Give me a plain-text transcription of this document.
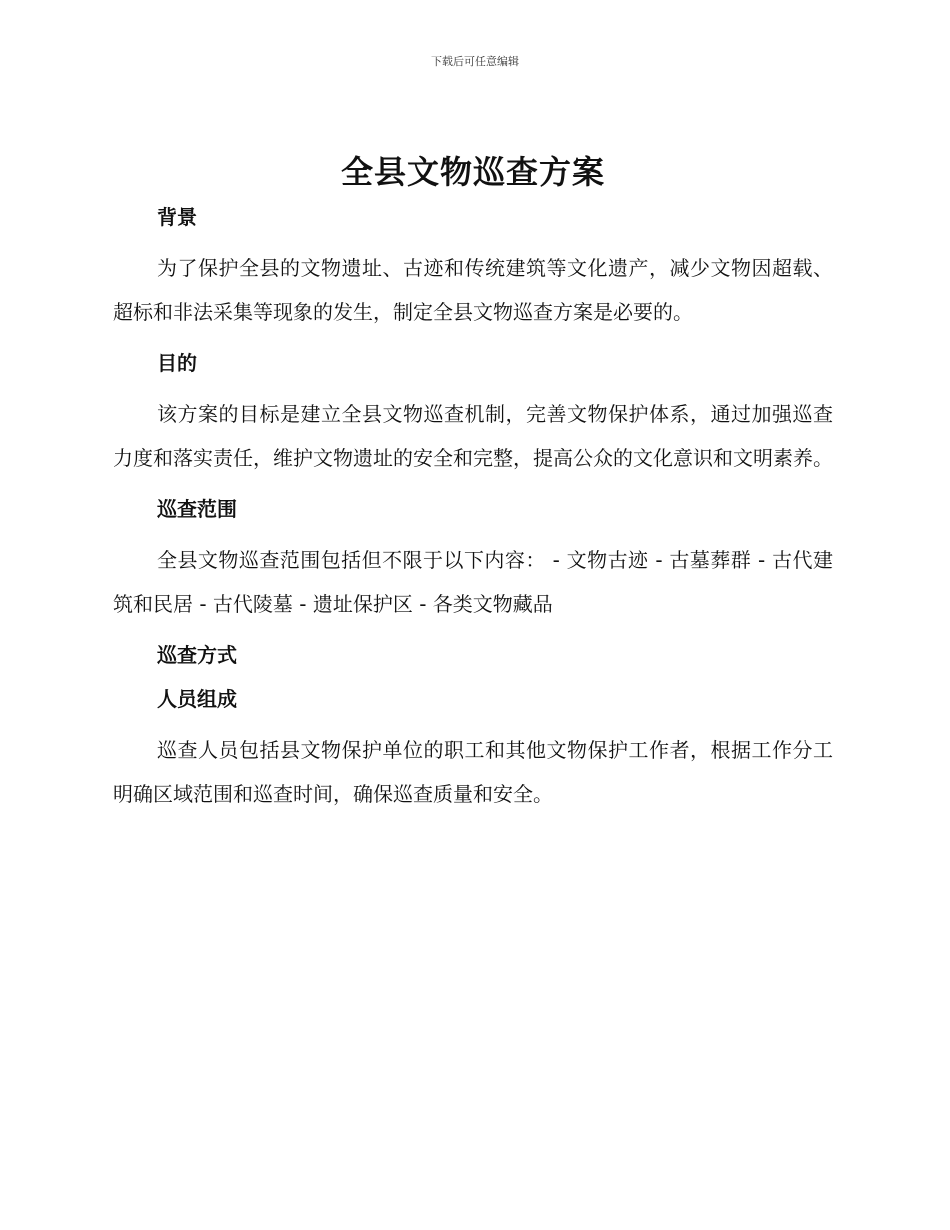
下载后可任意编辑
全县文物巡查方案
背景

为了保护全县的文物遗址、古迹和传统建筑等文化遗产，减少文物因超载、超标和非法采集等现象的发生，制定全县文物巡查方案是必要的。

目的

该方案的目标是建立全县文物巡查机制，完善文物保护体系，通过加强巡查力度和落实责任，维护文物遗址的安全和完整，提高公众的文化意识和文明素养。

巡查范围

全县文物巡查范围包括但不限于以下内容： - 文物古迹 - 古墓葬群 - 古代建筑和民居 - 古代陵墓 - 遗址保护区 - 各类文物藏品

巡查方式
人员组成

巡查人员包括县文物保护单位的职工和其他文物保护工作者，根据工作分工明确区域范围和巡查时间，确保巡查质量和安全。
